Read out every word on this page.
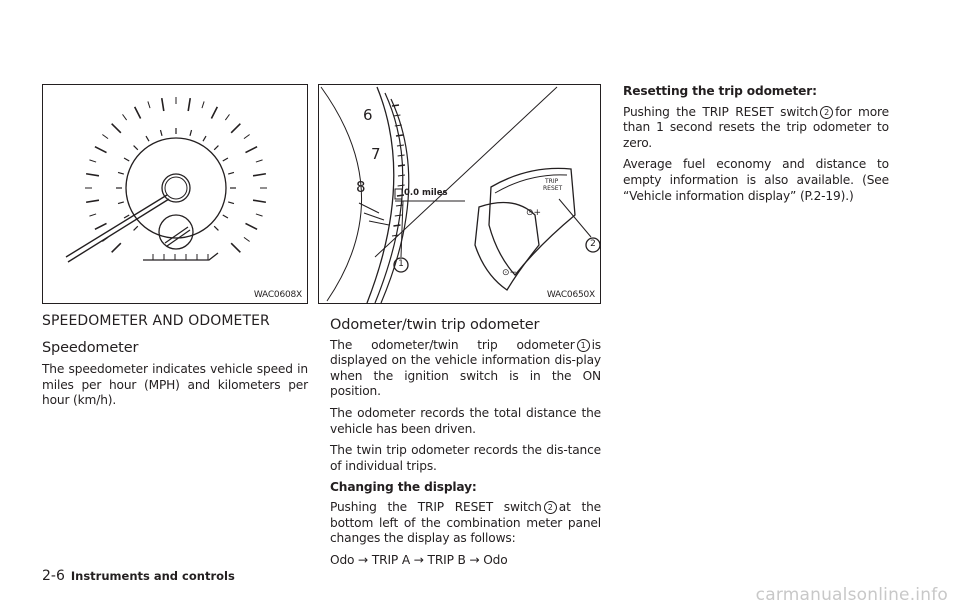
WAC0608X
TRIP
RESET
⊙+
⊙−
6
7
8	0.0 miles
1
2
WAC0650X
SPEEDOMETER AND ODOMETER
Speedometer

The speedometer indicates vehicle speed in miles per hour (MPH) and kilometers per hour (km/h).

Odometer/twin trip odometer

The odometer/twin trip odometer 1 is displayed on the vehicle information dis-play when the ignition switch is in the ON position.

The odometer records the total distance the vehicle has been driven.

The twin trip odometer records the dis-tance of individual trips.

Changing the display:

Pushing the TRIP RESET switch 2 at the bottom left of the combination meter panel changes the display as follows:

Odo → TRIP A → TRIP B → Odo

Resetting the trip odometer:

Pushing the TRIP RESET switch 2 for more than 1 second resets the trip odometer to zero.

Average fuel economy and distance to empty information is also available. (See “Vehicle information display” (P.2-19).)

2-6 Instruments and controls
carmanualsonline.info
